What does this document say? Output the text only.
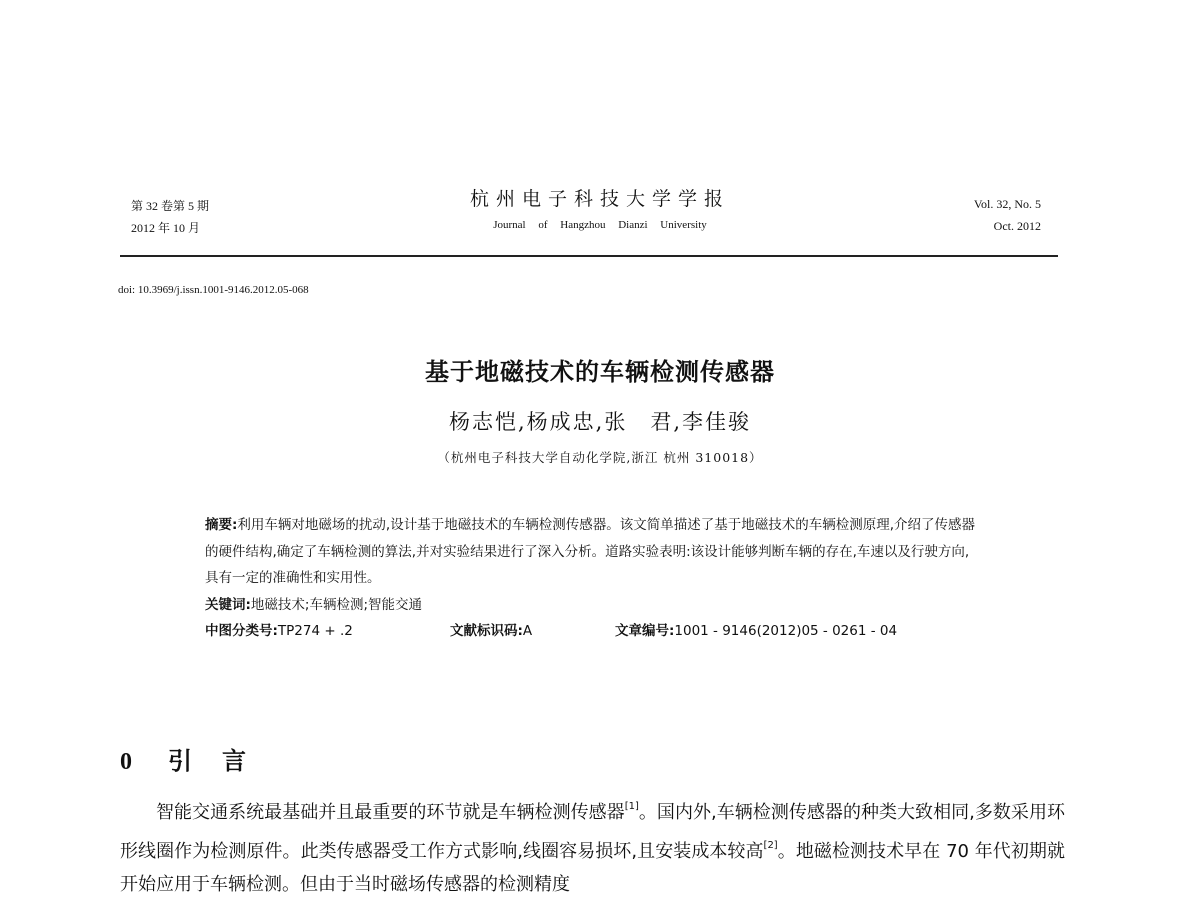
第 32 卷第 5 期
2012 年 10 月
杭州电子科技大学学报
Journal of Hangzhou Dianzi University
Vol. 32, No. 5
Oct. 2012
doi: 10.3969/j.issn.1001-9146.2012.05-068
基于地磁技术的车辆检测传感器
杨志恺,杨成忠,张　君,李佳骏
（杭州电子科技大学自动化学院,浙江 杭州 310018）
摘要:利用车辆对地磁场的扰动,设计基于地磁技术的车辆检测传感器。该文简单描述了基于地磁技术的车辆检测原理,介绍了传感器的硬件结构,确定了车辆检测的算法,并对实验结果进行了深入分析。道路实验表明:该设计能够判断车辆的存在,车速以及行驶方向,具有一定的准确性和实用性。
关键词:地磁技术;车辆检测;智能交通
中图分类号:TP274 + .2	文献标识码:A	文章编号:1001 - 9146(2012)05 - 0261 - 04
0 引言

智能交通系统最基础并且最重要的环节就是车辆检测传感器[1]。国内外,车辆检测传感器的种类大致相同,多数采用环形线圈作为检测原件。此类传感器受工作方式影响,线圈容易损坏,且安装成本较高[2]。地磁检测技术早在 70 年代初期就开始应用于车辆检测。但由于当时磁场传感器的检测精度
